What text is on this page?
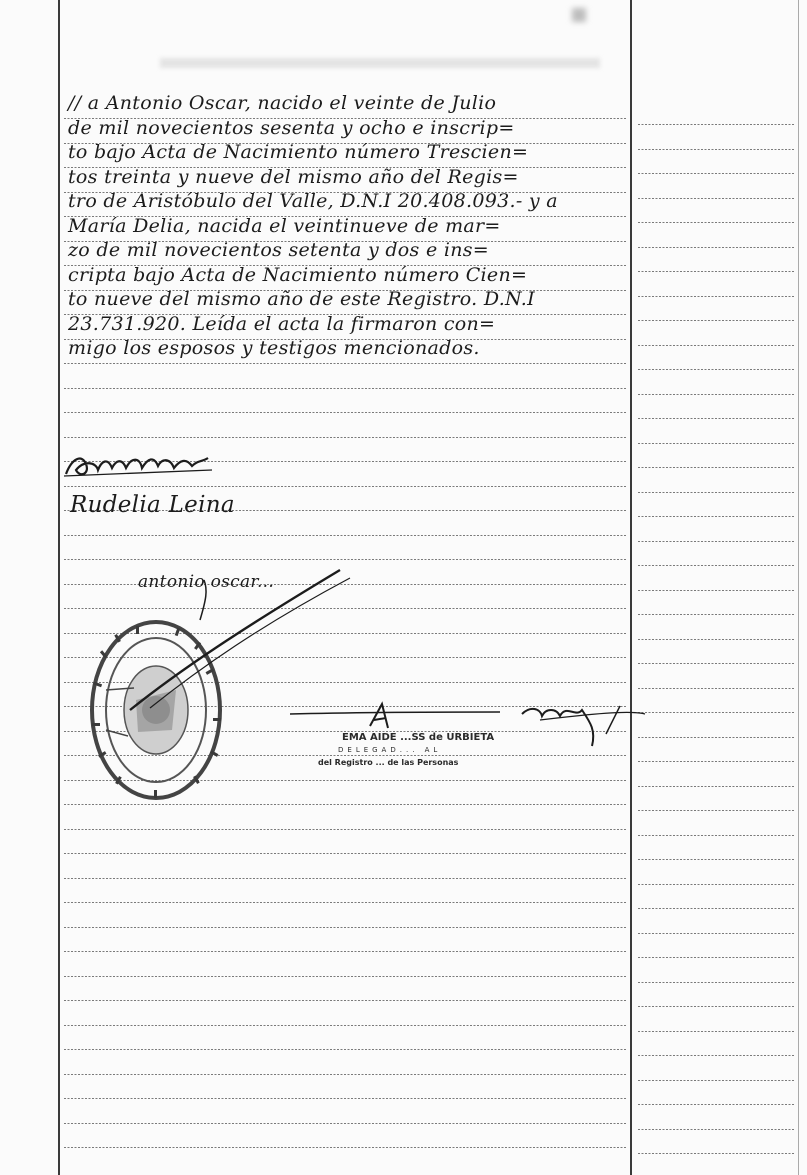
// a Antonio Oscar, nacido el veinte de Julio
de mil novecientos sesenta y ocho e inscrip=
to bajo Acta de Nacimiento número Trescien=
tos treinta y nueve del mismo año del Regis=
tro de Aristóbulo del Valle, D.N.I 20.408.093.- y a
María Delia, nacida el veintinueve de mar=
zo de mil novecientos setenta y dos e ins=
cripta bajo Acta de Nacimiento número Cien=
to nueve del mismo año de este Registro. D.N.I
23.731.920. Leída el acta la firmaron con=
migo los esposos y testigos mencionados.
Rudelia Leina
antonio oscar...
EMA AIDE ...SS de URBIETA
DELEGAD... AL
del Registro ... de las Personas
